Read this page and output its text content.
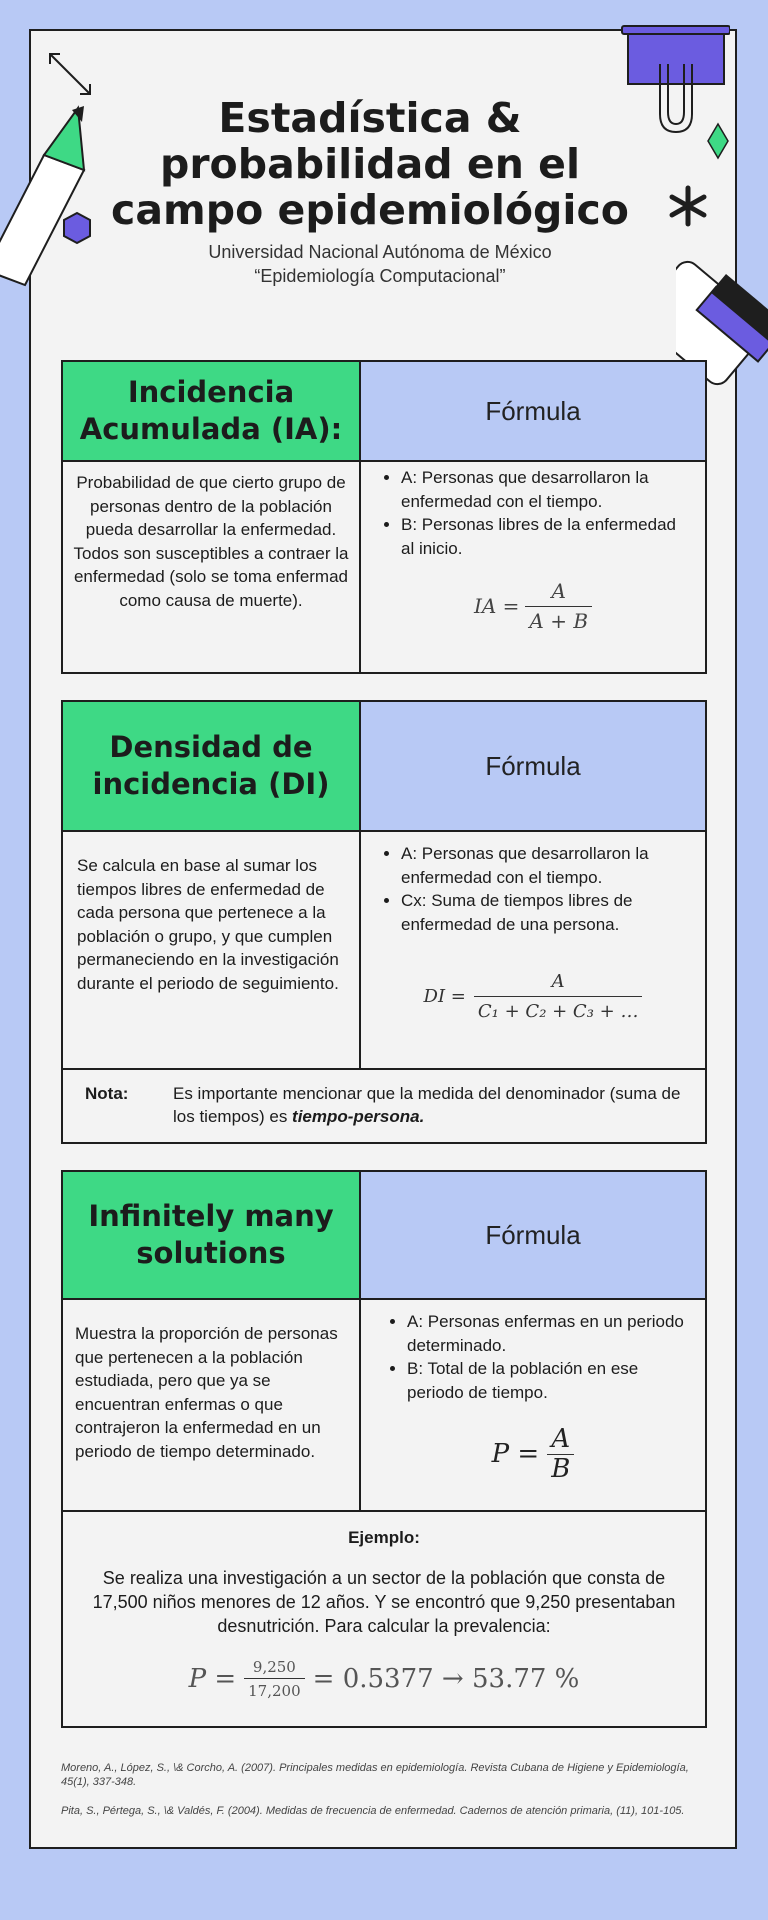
Estadística &
probabilidad en el
campo epidemiológico
Universidad Nacional Autónoma de México
“Epidemiología Computacional”
Incidencia
Acumulada (IA):
Fórmula
Probabilidad de que cierto grupo de personas dentro de la población pueda desarrollar la enfermedad.
Todos son susceptibles a contraer la enfermedad (solo se toma enfermad como causa de muerte).
• A: Personas que desarrollaron la enfermedad con el tiempo.
• B: Personas libres de la enfermedad al inicio.
IA = $\frac{A}{A + B}$
Densidad de
incidencia (DI)
Fórmula
Se calcula en base al sumar los tiempos libres de enfermedad de cada persona que pertenece a la población o grupo, y que cumplen permaneciendo en la investigación durante el periodo de seguimiento.
• A: Personas que desarrollaron la enfermedad con el tiempo.
• Cx: Suma de tiempos libres de enfermedad de una persona.
DI = $\frac{A}{\text{C₁ + C₂ + C₃ + …}}$
Nota:	Es importante mencionar que la medida del denominador (suma de los tiempos) es tiempo-persona.
Infinitely many
solutions
Fórmula
Muestra la proporción de personas que pertenecen a la población estudiada, pero que ya se encuentran enfermas o que contrajeron la enfermedad en un periodo de tiempo determinado.
• A: Personas enfermas en un periodo determinado.
• B: Total de la población en ese periodo de tiempo.
$P = \frac{A}{B}$
Ejemplo:
Se realiza una investigación a un sector de la población que consta de 17,500 niños menores de 12 años. Y se encontró que 9,250 presentaban desnutrición. Para calcular la prevalencia:
$P = \frac{9,250}{17,200} = 0.5377 \to 53.77$ %
Moreno, A., López, S., \& Corcho, A. (2007). Principales medidas en epidemiología. Revista Cubana de Higiene y Epidemiología, 45(1), 337-348.
Pita, S., Pértega, S., \& Valdés, F. (2004). Medidas de frecuencia de enfermedad. Cadernos de atención primaria, (11), 101-105.
